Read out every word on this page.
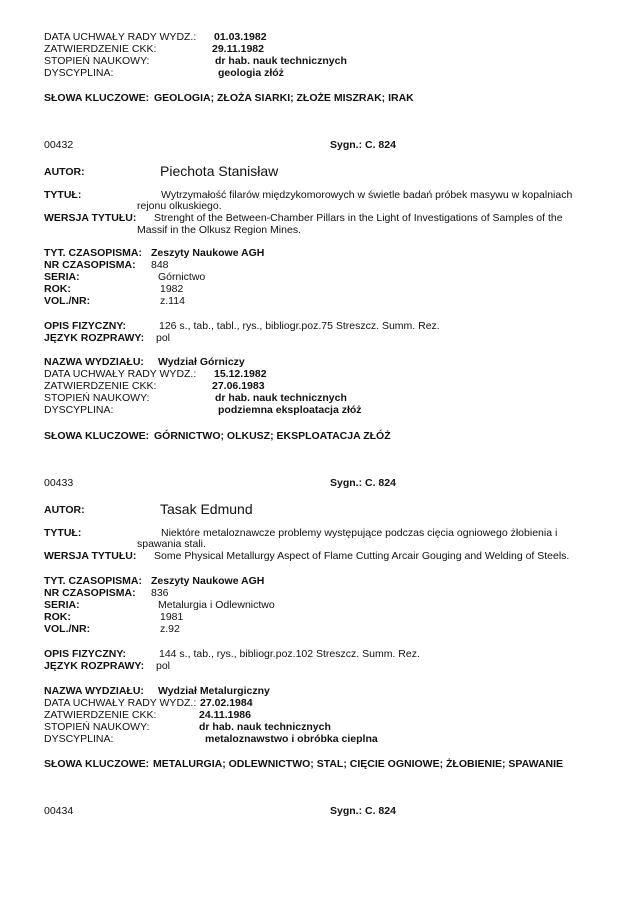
DATA UCHWAŁY RADY WYDZ.: 01.03.1982
ZATWIERDZENIE CKK:	29.11.1982
STOPIEŃ NAUKOWY:	dr hab. nauk technicznych
DYSCYPLINA:	geologia złóż
SŁOWA KLUCZOWE: GEOLOGIA; ZŁOŻA SIARKI; ZŁOŻE MISZRAK; IRAK
00432	Sygn.: C. 824
AUTOR:	Piechota Stanisław
TYTUŁ:	Wytrzymałość filarów międzykomorowych w świetle badań próbek masywu w kopalniach
rejonu olkuskiego.
WERSJA TYTUŁU: Strenght of the Between-Chamber Pillars in the Light of Investigations of Samples of the
Massif in the Olkusz Region Mines.
TYT. CZASOPISMA: Zeszyty Naukowe AGH
NR CZASOPISMA: 848
SERIA:	Górnictwo
ROK:	1982
VOL./NR:	z.114
OPIS FIZYCZNY:	126 s., tab., tabl., rys., bibliogr.poz.75 Streszcz. Summ. Rez.
JĘZYK ROZPRAWY: pol
NAZWA WYDZIAŁU: Wydział Górniczy
DATA UCHWAŁY RADY WYDZ.: 15.12.1982
ZATWIERDZENIE CKK:	27.06.1983
STOPIEŃ NAUKOWY:	dr hab. nauk technicznych
DYSCYPLINA:	podziemna eksploatacja złóż
SŁOWA KLUCZOWE: GÓRNICTWO; OLKUSZ; EKSPLOATACJA ZŁÓŻ
00433	Sygn.: C. 824
AUTOR:	Tasak Edmund
TYTUŁ:	Niektóre metaloznawcze problemy występujące podczas cięcia ogniowego żłobienia i
spawania stali.
WERSJA TYTUŁU: Some Physical Metallurgy Aspect of Flame Cutting Arcair Gouging and Welding of Steels.
TYT. CZASOPISMA: Zeszyty Naukowe AGH
NR CZASOPISMA: 836
SERIA:	Metalurgia i Odlewnictwo
ROK:	1981
VOL./NR:	z.92
OPIS FIZYCZNY:	144 s., tab., rys., bibliogr.poz.102 Streszcz. Summ. Rez.
JĘZYK ROZPRAWY: pol
NAZWA WYDZIAŁU: Wydział Metalurgiczny
DATA UCHWAŁY RADY WYDZ.: 27.02.1984
ZATWIERDZENIE CKK:	24.11.1986
STOPIEŃ NAUKOWY:	dr hab. nauk technicznych
DYSCYPLINA:	metaloznawstwo i obróbka cieplna
SŁOWA KLUCZOWE: METALURGIA; ODLEWNICTWO; STAL; CIĘCIE OGNIOWE; ŻŁOBIENIE; SPAWANIE
00434	Sygn.: C. 824
